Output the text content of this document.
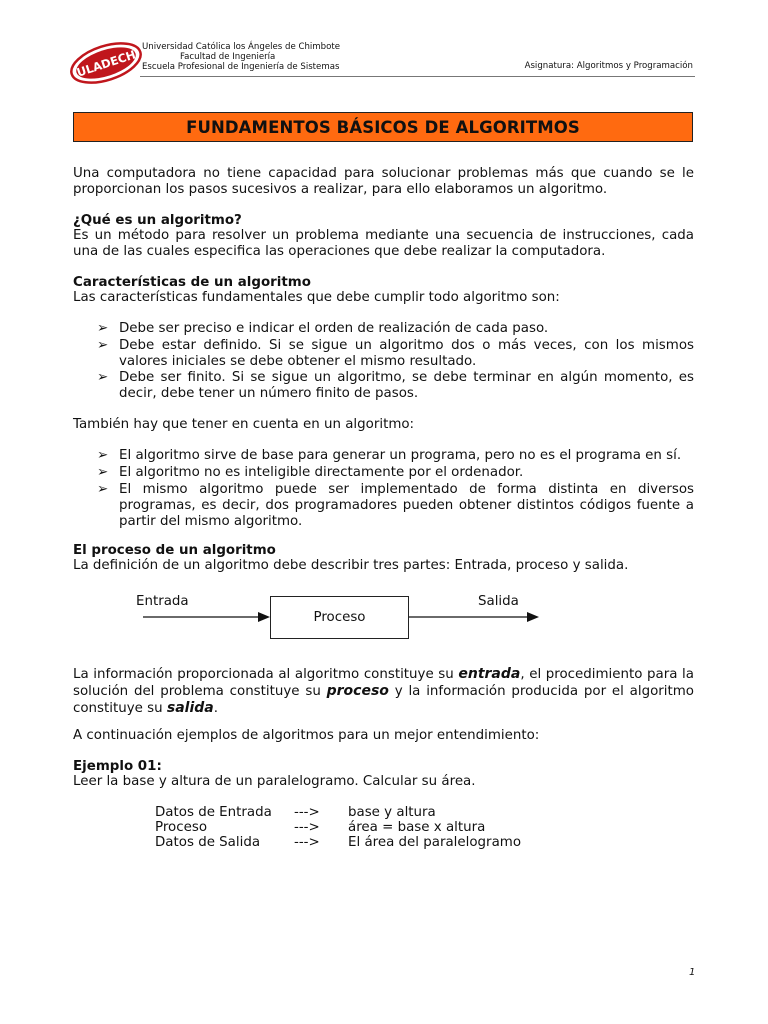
ULADECH
Universidad Católica los Ángeles de Chimbote
Facultad de Ingeniería
Escuela Profesional de Ingeniería de Sistemas	Asignatura: Algoritmos y Programación
FUNDAMENTOS BÁSICOS DE ALGORITMOS
Una computadora no tiene capacidad para solucionar problemas más que cuando se le proporcionan los pasos sucesivos a realizar, para ello elaboramos un algoritmo.
¿Qué es un algoritmo?
Es un método para resolver un problema mediante una secuencia de instrucciones, cada una de las cuales especifica las operaciones que debe realizar la computadora.
Características de un algoritmo
Las características fundamentales que debe cumplir todo algoritmo son:
➢ Debe ser preciso e indicar el orden de realización de cada paso.
➢ Debe estar definido. Si se sigue un algoritmo dos o más veces, con los mismos valores iniciales se debe obtener el mismo resultado.
➢ Debe ser finito. Si se sigue un algoritmo, se debe terminar en algún momento, es decir, debe tener un número finito de pasos.
También hay que tener en cuenta en un algoritmo:
➢ El algoritmo sirve de base para generar un programa, pero no es el programa en sí.
➢ El algoritmo no es inteligible directamente por el ordenador.
➢ El mismo algoritmo puede ser implementado de forma distinta en diversos programas, es decir, dos programadores pueden obtener distintos códigos fuente a partir del mismo algoritmo.
El proceso de un algoritmo
La definición de un algoritmo debe describir tres partes: Entrada, proceso y salida.
Entrada	Salida
Proceso
La información proporcionada al algoritmo constituye su entrada, el procedimiento para la solución del problema constituye su proceso y la información producida por el algoritmo constituye su salida.
A continuación ejemplos de algoritmos para un mejor entendimiento:
Ejemplo 01:
Leer la base y altura de un paralelogramo. Calcular su área.
Datos de Entrada ---> base y altura
Proceso	---> área = base x altura
Datos de Salida	---> El área del paralelogramo
1
